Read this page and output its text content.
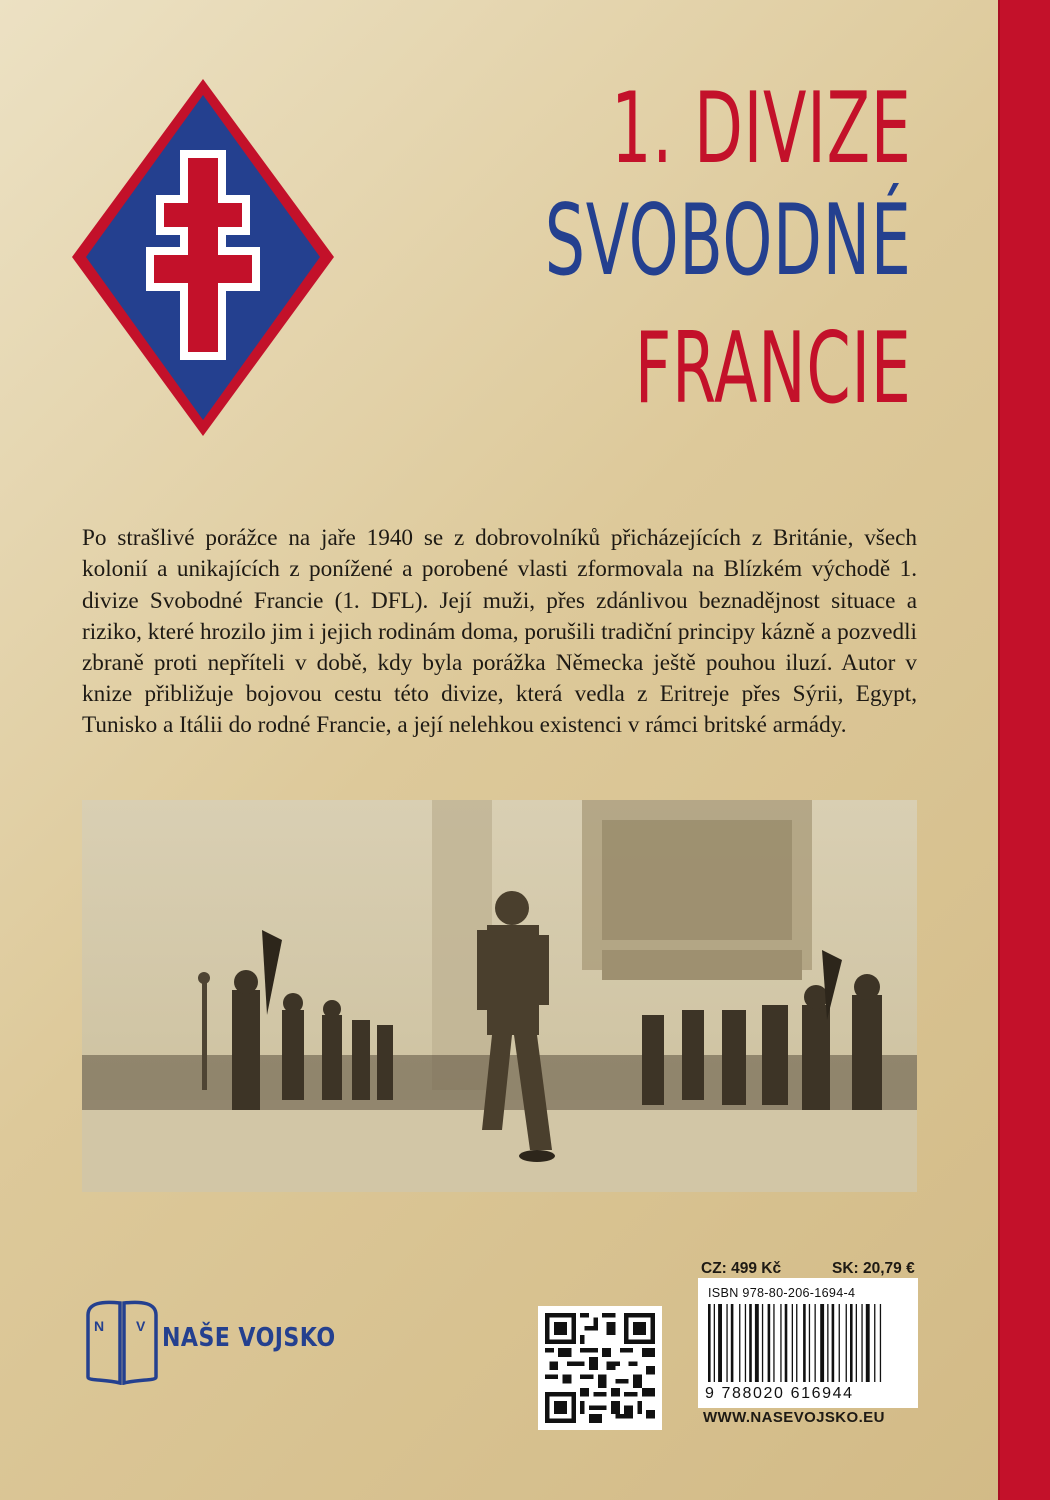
1. DIVIZE
SVOBODNÉ
FRANCIE

Po strašlivé porážce na jaře 1940 se z dobrovolníků přicházejících z Británie, všech kolonií a unikajících z ponížené a porobené vlasti zformovala na Blízkém východě 1. divize Svobodné Francie (1. DFL). Její muži, přes zdánlivou beznadějnost situace a riziko, které hrozilo jim i jejich rodinám doma, porušili tradiční principy kázně a pozvedli zbraně proti nepříteli v době, kdy byla porážka Německa ještě pouhou iluzí. Autor v knize přibližuje bojovou cestu této divize, která vedla z Eritreje přes Sýrii, Egypt, Tunisko a Itálii do rodné Francie, a její nelehkou existenci v rámci britské armády.

N V NAŠE VOJSKO
CZ: 499 Kč	SK: 20,79 €
ISBN 978-80-206-1694-4
9 788020 616944
WWW.NASEVOJSKO.EU
